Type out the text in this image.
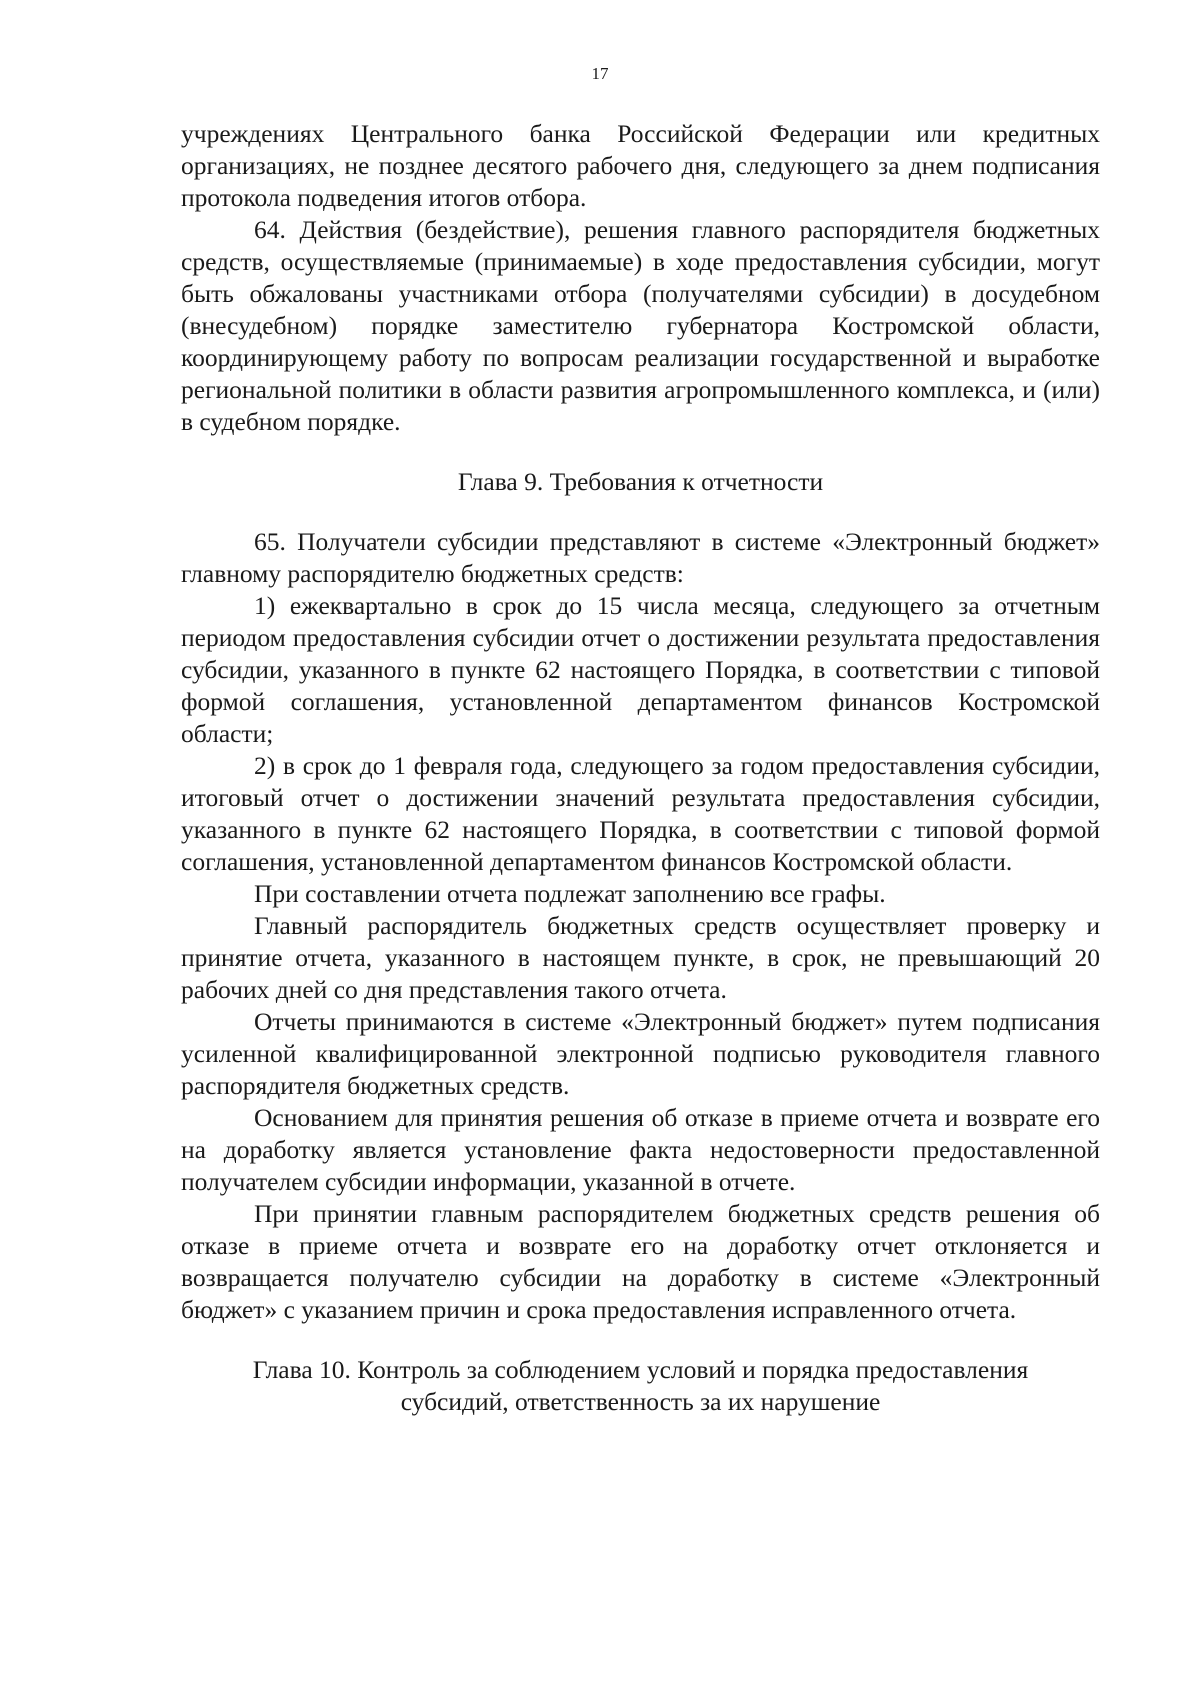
17

учреждениях Центрального банка Российской Федерации или кредитных организациях, не позднее десятого рабочего дня, следующего за днем подписания протокола подведения итогов отбора.

64. Действия (бездействие), решения главного распорядителя бюджетных средств, осуществляемые (принимаемые) в ходе предоставления субсидии, могут быть обжалованы участниками отбора (получателями субсидии) в досудебном (внесудебном) порядке заместителю губернатора Костромской области, координирующему работу по вопросам реализации государственной и выработке региональной политики в области развития агропромышленного комплекса, и (или) в судебном порядке.

Глава 9. Требования к отчетности

65. Получатели субсидии представляют в системе «Электронный бюджет» главному распорядителю бюджетных средств:

1) ежеквартально в срок до 15 числа месяца, следующего за отчетным периодом предоставления субсидии отчет о достижении результата предоставления субсидии, указанного в пункте 62 настоящего Порядка, в соответствии с типовой формой соглашения, установленной департаментом финансов Костромской области;

2) в срок до 1 февраля года, следующего за годом предоставления субсидии, итоговый отчет о достижении значений результата предоставления субсидии, указанного в пункте 62 настоящего Порядка, в соответствии с типовой формой соглашения, установленной департаментом финансов Костромской области.

При составлении отчета подлежат заполнению все графы.

Главный распорядитель бюджетных средств осуществляет проверку и принятие отчета, указанного в настоящем пункте, в срок, не превышающий 20 рабочих дней со дня представления такого отчета.

Отчеты принимаются в системе «Электронный бюджет» путем подписания усиленной квалифицированной электронной подписью руководителя главного распорядителя бюджетных средств.

Основанием для принятия решения об отказе в приеме отчета и возврате его на доработку является установление факта недостоверности предоставленной получателем субсидии информации, указанной в отчете.

При принятии главным распорядителем бюджетных средств решения об отказе в приеме отчета и возврате его на доработку отчет отклоняется и возвращается получателю субсидии на доработку в системе «Электронный бюджет» с указанием причин и срока предоставления исправленного отчета.

Глава 10. Контроль за соблюдением условий и порядка предоставления
субсидий, ответственность за их нарушение
